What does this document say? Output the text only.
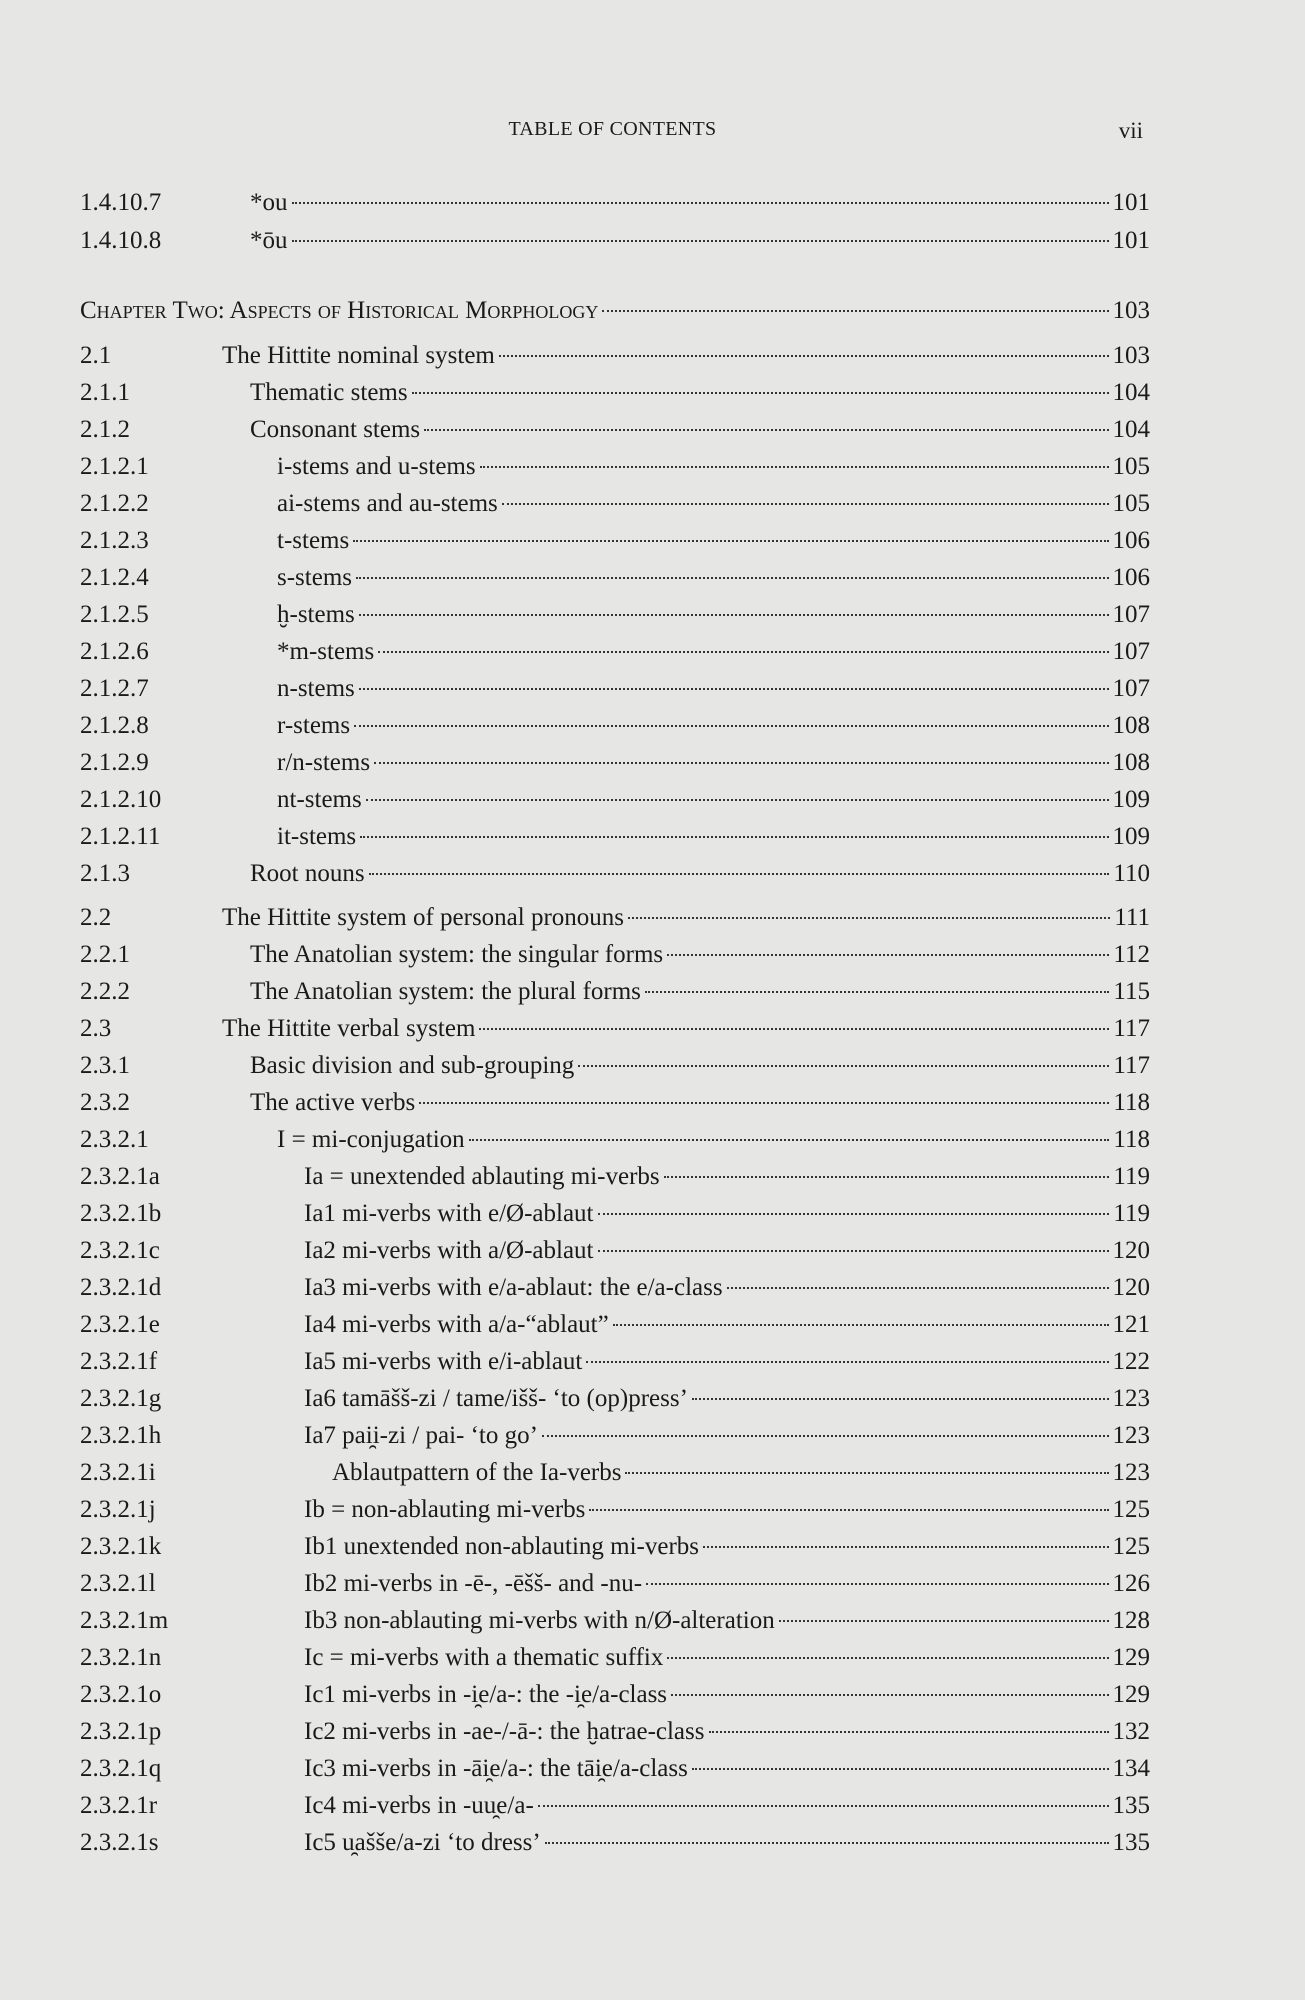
TABLE OF CONTENTS	vii
1.4.10.7	*ou	101
1.4.10.8	*ōu	101
Chapter Two: Aspects of Historical Morphology	103
2.1	The Hittite nominal system	103
2.1.1	Thematic stems	104
2.1.2	Consonant stems	104
2.1.2.1	i-stems and u-stems	105
2.1.2.2	ai-stems and au-stems	105
2.1.2.3	t-stems	106
2.1.2.4	s-stems	106
2.1.2.5	ḫ-stems	107
2.1.2.6	*m-stems	107
2.1.2.7	n-stems	107
2.1.2.8	r-stems	108
2.1.2.9	r/n-stems	108
2.1.2.10	nt-stems	109
2.1.2.11	it-stems	109
2.1.3	Root nouns	110
2.2	The Hittite system of personal pronouns	111
2.2.1	The Anatolian system: the singular forms	112
2.2.2	The Anatolian system: the plural forms	115
2.3	The Hittite verbal system	117
2.3.1	Basic division and sub-grouping	117
2.3.2	The active verbs	118
2.3.2.1	I = mi-conjugation	118
2.3.2.1a	Ia = unextended ablauting mi-verbs	119
2.3.2.1b	Ia1 mi-verbs with e/Ø-ablaut	119
2.3.2.1c	Ia2 mi-verbs with a/Ø-ablaut	120
2.3.2.1d	Ia3 mi-verbs with e/a-ablaut: the e/a-class	120
2.3.2.1e	Ia4 mi-verbs with a/a-“ablaut”	121
2.3.2.1f	Ia5 mi-verbs with e/i-ablaut	122
2.3.2.1g	Ia6 tamāšš-zi / tame/išš- ‘to (op)press’	123
2.3.2.1h	Ia7 pai̯i-zi / pai- ‘to go’	123
2.3.2.1i	Ablautpattern of the Ia-verbs	123
2.3.2.1j	Ib = non-ablauting mi-verbs	125
2.3.2.1k	Ib1 unextended non-ablauting mi-verbs	125
2.3.2.1l	Ib2 mi-verbs in -ē-, -ēšš- and -nu-	126
2.3.2.1m	Ib3 non-ablauting mi-verbs with n/Ø-alteration	128
2.3.2.1n	Ic = mi-verbs with a thematic suffix	129
2.3.2.1o	Ic1 mi-verbs in -i̯e/a-: the -i̯e/a-class	129
2.3.2.1p	Ic2 mi-verbs in -ae-/-ā-: the ḫatrae-class	132
2.3.2.1q	Ic3 mi-verbs in -āi̯e/a-: the tāi̯e/a-class	134
2.3.2.1r	Ic4 mi-verbs in -uu̯e/a-	135
2.3.2.1s	Ic5 u̯ašše/a-zi ‘to dress’	135
